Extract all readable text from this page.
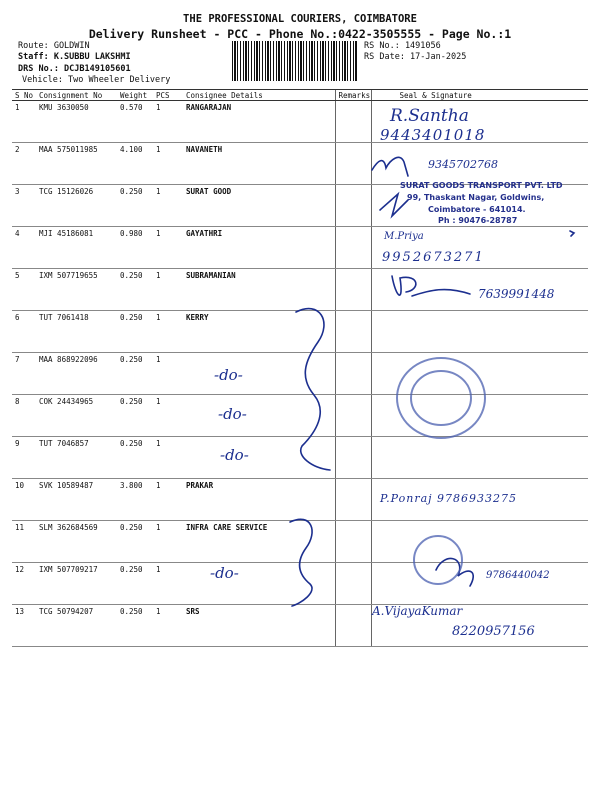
THE PROFESSIONAL COURIERS, COIMBATORE
Delivery Runsheet - PCC - Phone No.:0422-3505555 - Page No.:1
Route: GOLDWIN
Staff: K.SUBBU LAKSHMI
DRS No.: DCJB149105601
Vehicle: Two Wheeler Delivery
RS No.: 1491056
RS Date: 17-Jan-2025
S No	Consignment No	Weight	PCS	Consignee Details	Remarks	Seal & Signature
1	KMU 3630050	0.570	1	RANGARAJAN		
2	MAA 575011985	4.100	1	NAVANETH		
3	TCG 15126026	0.250	1	SURAT GOOD		
4	MJI 45186081	0.980	1	GAYATHRI		
5	IXM 507719655	0.250	1	SUBRAMANIAN		
6	TUT 7061418	0.250	1	KERRY		
7	MAA 868922096	0.250	1			
8	COK 24434965	0.250	1			
9	TUT 7046857	0.250	1			
10	SVK 10589487	3.800	1	PRAKAR		
11	SLM 362684569	0.250	1	INFRA CARE SERVICE		
12	IXM 507709217	0.250	1			
13	TCG 50794207	0.250	1	SRS		
R.Santha
9443401018
9345702768
SURAT GOODS TRANSPORT PVT. LTD
99, Thaskant Nagar, Goldwins,
Coimbatore - 641014.
Ph : 90476-28787
M.Priya
9952673271
7639991448
-do-
-do-
-do-
P.Ponraj 9786933275
-do-	9786440042
A.VijayaKumar
8220957156
